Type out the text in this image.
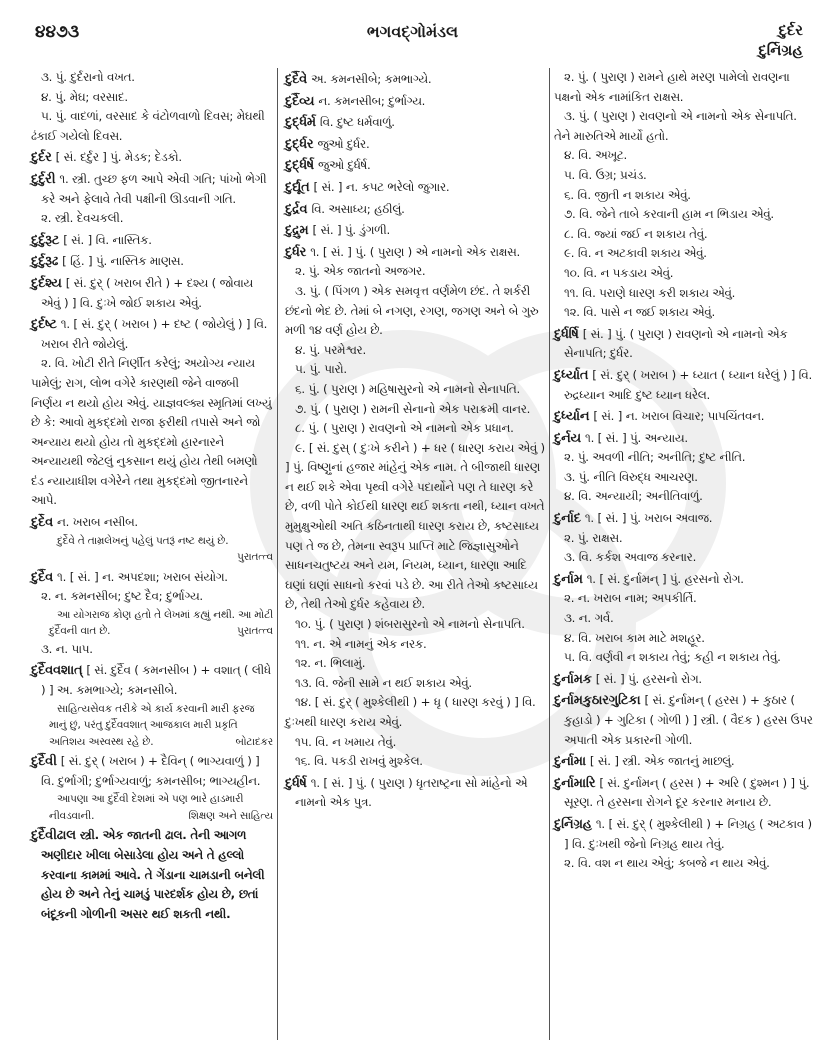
૪૪૭૩	ભગવદ્ગોમંડલ	દુર્દર
દુર્નિગ્રહ
૩. પું. દુર્દરાનો વખત.
૪. પું. મેઘ; વરસાદ.
૫. પું. વાદળાં, વરસાદ કે વંટોળવાળો દિવસ; મેઘથી ઢંકાઈ ગયેલો દિવસ.
દુર્દર [ સં. દર્દુર ] પું. મેડક; દેડકો.
દુર્દુરી ૧. સ્ત્રી. તુચ્છ ફળ આપે એવી ગતિ; પાંખો ભેગી કરે અને ફેલાવે તેવી પક્ષીની ઊડવાની ગતિ.
૨. સ્ત્રી. દેવચકલી.
દુર્દુરૂટ [ સં. ] વિ. નાસ્તિક.
દુર્દુરૂઢ [ હિં. ] પું. નાસ્તિક માણસ.
દુર્દશ્ય [ સં. દુર્ ( ખરાબ રીતે ) + દશ્ય ( જોવાય એવું ) ] વિ. દુઃખે જોઈ શકાય એવું.
દુર્દષ્ટ ૧. [ સં. દુર્ ( ખરાબ ) + દષ્ટ ( જોયેલું ) ] વિ. ખરાબ રીતે જોયેલું.
૨. વિ. ખોટી રીતે નિર્ણીત કરેલું; અયોગ્ય ન્યાય પામેલું; રાગ, લોભ વગેરે કારણથી જેને વાજબી નિર્ણય ન થયો હોય એવું. યાજ્ઞવલ્ક્ય સ્મૃતિમાં લખ્યું છે કે: આવો મુકદ્દમો રાજા ફરીથી તપાસે અને જો અન્યાય થયો હોય તો મુકદ્દમો હારનારને અન્યાયથી જેટલું નુકસાન થયું હોય તેથી બમણો દંડ ન્યાયાધીશ વગેરેને તથા મુકદ્દમો જીતનારને આપે.
દુર્દેવ ન. ખરાબ નસીબ.
દુર્દેવે તે તામ્રલેખનું પહેલું પતરૂં નષ્ટ થયું છે.
પુરાતત્ત્વ
દુર્દૈવ ૧. [ સં. ] ન. અપદશા; ખરાબ સંયોગ.
૨. ન. કમનસીબ; દુષ્ટ દૈવ; દુર્ભાગ્ય.
આ યોગરાજ કોણ હતો તે લેખમાં કહ્યું નથી. આ મોટી દુર્દૈવની વાત છે.	પુરાતત્ત્વ
૩. ન. પાપ.
દુર્દૈવવશાત્ [ સં. દુર્દૈવ ( કમનસીબ ) + વશાત્ ( લીધે ) ] અ. કમભાગ્યે; કમનસીબે.
સાહિત્યસેવક તરીકે એ કાર્ય કરવાની મારી ફરજ માનું છું, પરંતુ દુર્દૈવવશાત્ આજકાલ મારી પ્રકૃતિ અતિશય અસ્વસ્થ રહે છે.	બોટાદકર
દુર્દૈવી [ સં. દુર્ ( ખરાબ ) + દૈવિન્ ( ભાગ્યવાળું ) ] વિ. દુર્ભાગી; દુર્ભાગ્યવાળું; કમનસીબ; ભાગ્યહીન.
આપણા આ દુર્દૈવી દેશમાં એ પણ ભારે હાડમારી નીવડવાની.	શિક્ષણ અને સાહિત્ય
દુર્દૈવીઢાલ સ્ત્રી. એક જાતની ઢાલ. તેની આગળ અણીદાર ખીલા બેસાડેલા હોય અને તે હલ્લો કરવાના કામમાં આવે. તે ગેંડાના ચામડાની બનેલી હોય છે અને તેનું ચામડું પારદર્શક હોય છે, છતાં બંદૂકની ગોળીની અસર થઈ શકતી નથી.
દુર્દૈવે અ. કમનસીબે; કમભાગ્યે.
દુર્દૈવ્ય ન. કમનસીબ; દુર્ભાગ્ય.
દુર્દ્ધર્મ વિ. દુષ્ટ ધર્મવાળું.
દુર્દ્ધર જુઓ દુર્ધર.
દુર્દ્ધર્ષ જુઓ દુર્ધર્ષ.
દુર્દ્યૂત [ સં. ] ન. કપટ ભરેલો જુગાર.
દુર્દ્રવ વિ. અસાધ્ય; હઠીલું.
દુદ્રુમ [ સં. ] પું. ડુંગળી.
દુર્ધર ૧. [ સં. ] પું. ( પુરાણ ) એ નામનો એક રાક્ષસ.
૨. પું. એક જાતનો અજગર.
૩. પું. ( પિંગળ ) એક સમવૃત્ત વર્ણમેળ છંદ. તે શર્કરી છંદનો ભેદ છે. તેમાં બે નગણ, રગણ, જગણ અને બે ગુરુ મળી ૧૪ વર્ણ હોય છે.
૪. પું. પરમેશ્વર.
૫. પું. પારો.
૬. પું. ( પુરાણ ) મહિષાસુરનો એ નામનો સેનાપતિ.
૭. પું. ( પુરાણ ) રામની સેનાનો એક પરાક્રમી વાનર.
૮. પું. ( પુરાણ ) રાવણનો એ નામનો એક પ્રધાન.
૯. [ સં. દુસ્ ( દુઃખે કરીને ) + ધર ( ધારણ કરાય એવું ) ] પું. વિષ્ણુનાં હજાર માંહેનું એક નામ. તે બીજાથી ધારણ ન થઈ શકે એવા પૃથ્વી વગેરે પદાર્થોને પણ તે ધારણ કરે છે, વળી પોતે કોઈથી ધારણ થઈ શકતા નથી, ધ્યાન વખતે મુમુક્ષુઓથી અતિ કઠિનતાથી ધારણ કરાય છે, કષ્ટસાધ્ય પણ તે જ છે, તેમના સ્વરૂપ પ્રાપ્તિ માટે જિજ્ઞાસુઓને સાધનચતુષ્ટય અને યમ, નિયમ, ધ્યાન, ધારણા આદિ ઘણાં ઘણાં સાધનો કરવાં પડે છે. આ રીતે તેઓ કષ્ટસાધ્ય છે, તેથી તેઓ દુર્ધર કહેવાય છે.
૧૦. પું. ( પુરાણ ) શંબરાસુરનો એ નામનો સેનાપતિ.
૧૧. ન. એ નામનું એક નરક.
૧૨. ન. ભિલામું.
૧૩. વિ. જેની સામે ન થઈ શકાય એવું.
૧૪. [ સં. દુર્ ( મુશ્કેલીથી ) + ધૃ ( ધારણ કરવું ) ] વિ. દુઃખથી ધારણ કરાય એવું.
૧૫. વિ. ન ખમાય તેવું.
૧૬. વિ. પકડી રાખવું મુશ્કેલ.
દુર્ધર્ષ ૧. [ સં. ] પું. ( પુરાણ ) ધૃતરાષ્ટ્રના સો માંહેનો એ નામનો એક પુત્ર.
૨. પું. ( પુરાણ ) રામને હાથે મરણ પામેલો રાવણના પક્ષનો એક નામાંકિત રાક્ષસ.
૩. પું. ( પુરાણ ) રાવણનો એ નામનો એક સેનાપતિ. તેને મારુતિએ માર્યો હતો.
૪. વિ. અખૂટ.
૫. વિ. ઉગ્ર; પ્રચંડ.
૬. વિ. જીતી ન શકાય એવું.
૭. વિ. જેને તાબે કરવાની હામ ન ભિડાય એવું.
૮. વિ. જ્યાં જઈ ન શકાય તેવું.
૯. વિ. ન અટકાવી શકાય એવું.
૧૦. વિ. ન પકડાય એવું.
૧૧. વિ. પરાણે ધારણ કરી શકાય એવું.
૧૨. વિ. પાસે ન જઈ શકાય એવું.
દુર્ધર્ષિ [ સં. ] પું. ( પુરાણ ) રાવણનો એ નામનો એક સેનાપતિ; દુર્ધર.
દુર્ધ્યાત [ સં. દુર્ ( ખરાબ ) + ધ્યાત ( ધ્યાન ધરેલું ) ] વિ. રુદ્રધ્યાન આદિ દુષ્ટ ધ્યાન ધરેલ.
દુર્ધ્યાન [ સં. ] ન. ખરાબ વિચાર; પાપચિંતવન.
દુર્નય ૧. [ સં. ] પું. અન્યાય.
૨. પું. અવળી નીતિ; અનીતિ; દુષ્ટ નીતિ.
૩. પું. નીતિ વિરુદ્ધ આચરણ.
૪. વિ. અન્યાયી; અનીતિવાળું.
દુર્નાદ ૧. [ સં. ] પું. ખરાબ અવાજ.
૨. પું. રાક્ષસ.
૩. વિ. કર્કશ અવાજ કરનાર.
દુર્નામ ૧. [ સં. દુર્નામન્ ] પું. હરસનો રોગ.
૨. ન. ખરાબ નામ; અપકીર્તિ.
૩. ન. ગર્વ.
૪. વિ. ખરાબ કામ માટે મશહૂર.
૫. વિ. વર્ણવી ન શકાય તેવું; કહી ન શકાય તેવું.
દુર્નામક [ સં. ] પું. હરસનો રોગ.
દુર્નામકુઠારગુટિકા [ સં. દુર્નામન્ ( હરસ ) + કુઠાર ( કુહાડો ) + ગુટિકા ( ગોળી ) ] સ્ત્રી. ( વૈદક ) હરસ ઉપર અપાતી એક પ્રકારની ગોળી.
દુર્નામા [ સં. ] સ્ત્રી. એક જાતનું માછલું.
દુર્નામારિ [ સં. દુર્નામન્ ( હરસ ) + અરિ ( દુશ્મન ) ] પું. સૂરણ. તે હરસના રોગને દૂર કરનાર મનાય છે.
દુર્નિગ્રહ ૧. [ સં. દુર્ ( મુશ્કેલીથી ) + નિગ્રહ ( અટકાવ ) ] વિ. દુઃખથી જેનો નિગ્રહ થાય તેવું.
૨. વિ. વશ ન થાય એવું; કબજે ન થાય એવું.
